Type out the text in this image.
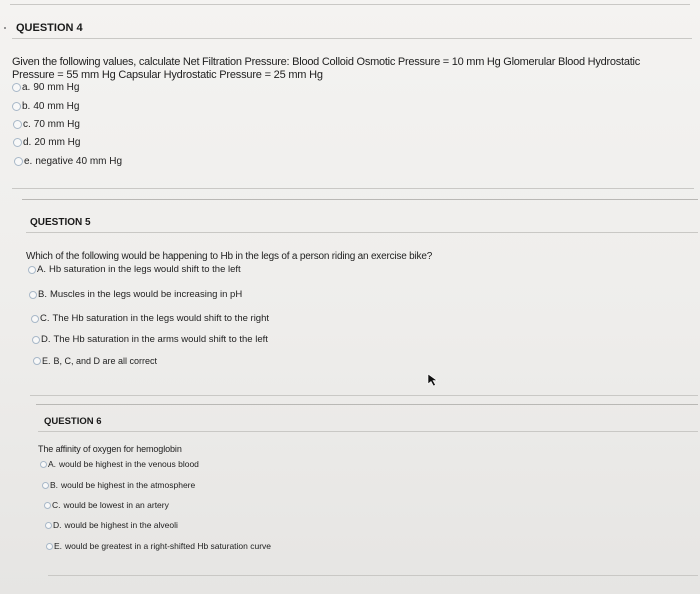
QUESTION 4
Given the following values, calculate Net Filtration Pressure: Blood Colloid Osmotic Pressure = 10 mm Hg Glomerular Blood Hydrostatic
Pressure = 55 mm Hg Capsular Hydrostatic Pressure = 25 mm Hg
a. 90 mm Hg
b. 40 mm Hg
c. 70 mm Hg
d. 20 mm Hg
e. negative 40 mm Hg
QUESTION 5
Which of the following would be happening to Hb in the legs of a person riding an exercise bike?
A. Hb saturation in the legs would shift to the left
B. Muscles in the legs would be increasing in pH
C. The Hb saturation in the legs would shift to the right
D. The Hb saturation in the arms would shift to the left
E. B, C, and D are all correct
QUESTION 6
The affinity of oxygen for hemoglobin
A. would be highest in the venous blood
B. would be highest in the atmosphere
C. would be lowest in an artery
D. would be highest in the alveoli
E. would be greatest in a right-shifted Hb saturation curve
